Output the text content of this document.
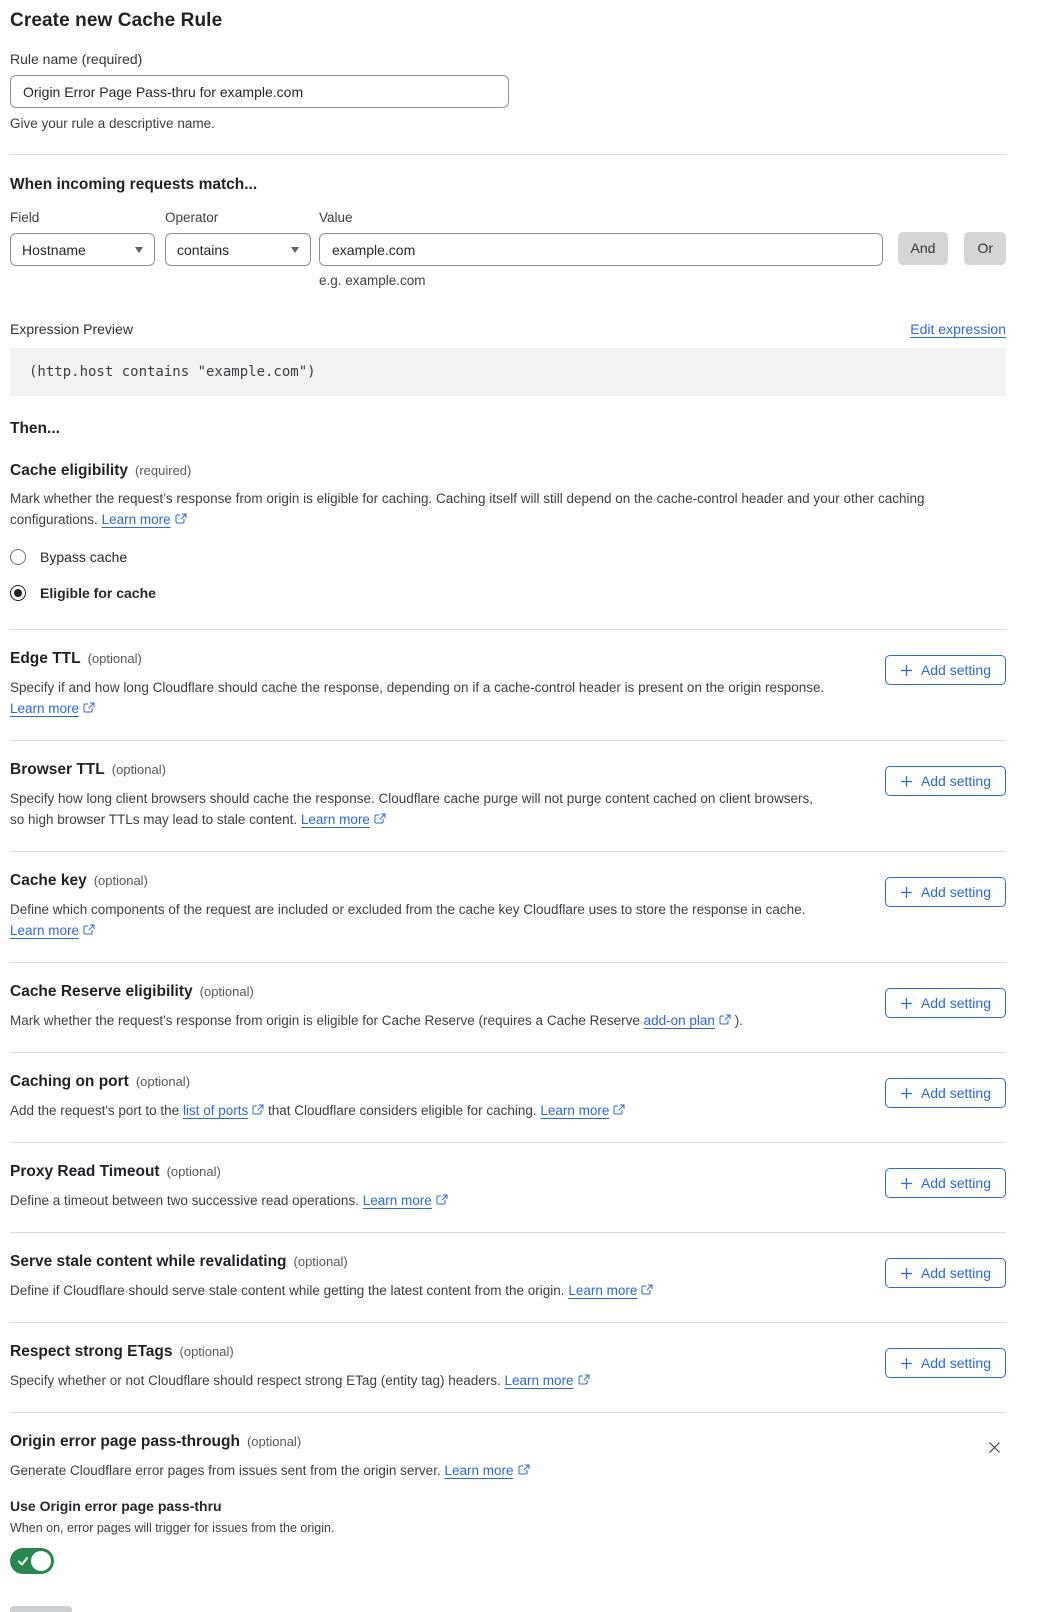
Create new Cache Rule
Rule name (required)
Origin Error Page Pass-thru for example.com
Give your rule a descriptive name.
When incoming requests match...
Field
Hostname
Operator
contains
Value
example.com
e.g. example.com
And	Or
Expression Preview	Edit expression
(http.host contains "example.com")
Then...
Cache eligibility (required)
Mark whether the request’s response from origin is eligible for caching. Caching itself will still depend on the cache-control header and your other caching configurations. Learn more
Bypass cache
Eligible for cache
Edge TTL (optional)
Specify if and how long Cloudflare should cache the response, depending on if a cache-control header is present on the origin response. Learn more
Add setting
Browser TTL (optional)
Specify how long client browsers should cache the response. Cloudflare cache purge will not purge content cached on client browsers, so high browser TTLs may lead to stale content. Learn more
Add setting
Cache key (optional)
Define which components of the request are included or excluded from the cache key Cloudflare uses to store the response in cache. Learn more
Add setting
Cache Reserve eligibility (optional)
Mark whether the request's response from origin is eligible for Cache Reserve (requires a Cache Reserve add-on plan ).
Add setting
Caching on port (optional)
Add the request's port to the list of ports that Cloudflare considers eligible for caching. Learn more
Add setting
Proxy Read Timeout (optional)
Define a timeout between two successive read operations. Learn more
Add setting
Serve stale content while revalidating (optional)
Define if Cloudflare should serve stale content while getting the latest content from the origin. Learn more
Add setting
Respect strong ETags (optional)
Specify whether or not Cloudflare should respect strong ETag (entity tag) headers. Learn more
Add setting
Origin error page pass-through (optional)
Generate Cloudflare error pages from issues sent from the origin server. Learn more
Use Origin error page pass-thru
When on, error pages will trigger for issues from the origin.
